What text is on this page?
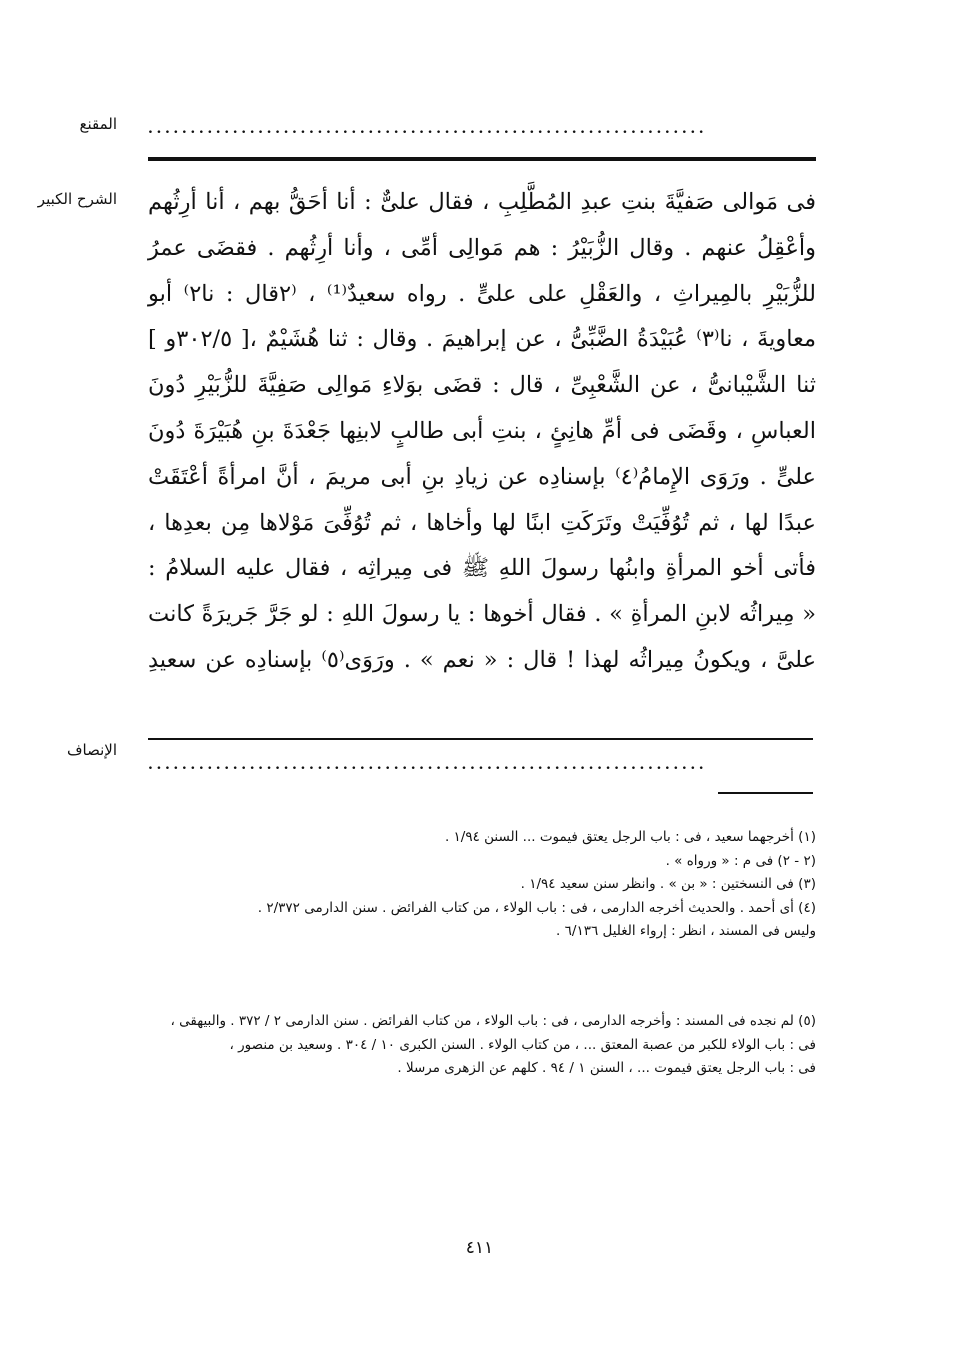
المقنع
الشرح الكبير
الإنصاف
..................................................................
فى مَوالى صَفيَّةَ بنتِ عبدِ المُطَّلِبِ ، فقال علىٌّ : أنا أحَقُّ بهم ، أنا أرِثُهم
وأعْقِلُ عنهم . وقال الزُّبَيْرُ : هم مَوالِى أمِّى ، وأنا أرِثُهم . فقضَى عمرُ
للزُّبَيْرِ بالمِيراثِ ، والعَقْلِ على علىٍّ . رواه سعيدٌ⁽¹⁾ ، ⁽٢قال : نا٢⁾ أبو
معاويةَ ، نا⁽٣⁾ عُبَيْدَةُ الضَّبِّىُّ ، عن إبراهيمَ . وقال : ثنا هُشَيْمٌ ،[ ٣٠٢/٥و ]
ثنا الشَّيْبانىُّ ، عن الشَّعْبِىِّ ، قال : قضَى بوَلاءِ مَوالِى صَفِيَّةَ للزُّبَيْرِ دُونَ
العباسِ ، وقَضَى فى أمِّ هانِئٍ ، بنتِ أبى طالبٍ لابنِها جَعْدَةَ بنِ هُبَيْرَةَ دُونَ
علىٍّ . ورَوَى الإِمامُ⁽٤⁾ بإسنادِه عن زيادِ بنِ أبى مريمَ ، أنَّ امرأةً أعْتَقَتْ
عبدًا لها ، ثم تُوُفِّيَتْ وتَرَكَتِ ابنًا لها وأخاها ، ثم تُوُفِّىَ مَوْلاها مِن بعدِها ،
فأتى أخو المرأةِ وابنُها رسولَ اللهِ ﷺ فى مِيراثِه ، فقال عليه السلامُ :
« مِيراثُه لابنِ المرأةِ » . فقال أخوها : يا رسولَ اللهِ : لو جَرَّ جَريرَةً كانت
علىَّ ، ويكونُ مِيراثُه لهذا ! قال : « نعم » . ورَوَى⁽٥⁾ بإسنادِه عن سعيدِ
..................................................................
(١) أخرجهما سعيد ، فى : باب الرجل يعتق فيموت ... السنن ١/٩٤ .
(٢ - ٢) فى م : « ورواه » .
(٣) فى النسختين : « بن » . وانظر سنن سعيد ١/٩٤ .
(٤) أى أحمد . والحديث أخرجه الدارمى ، فى : باب الولاء ، من كتاب الفرائض . سنن الدارمى ٢/٣٧٢ .
وليس فى المسند ، انظر : إرواء الغليل ٦/١٣٦ .
(٥) لم نجده فى المسند : وأخرجه الدارمى ، فى : باب الولاء ، من كتاب الفرائض . سنن الدارمى ٢ / ٣٧٢ . والبيهقى ،
فى : باب الولاء للكبر من عصبة المعتق ... ، من كتاب الولاء . السنن الكبرى ١٠ / ٣٠٤ . وسعيد بن منصور ،
فى : باب الرجل يعتق فيموت ... ، السنن ١ / ٩٤ . كلهم عن الزهرى مرسلا .
٤١١
